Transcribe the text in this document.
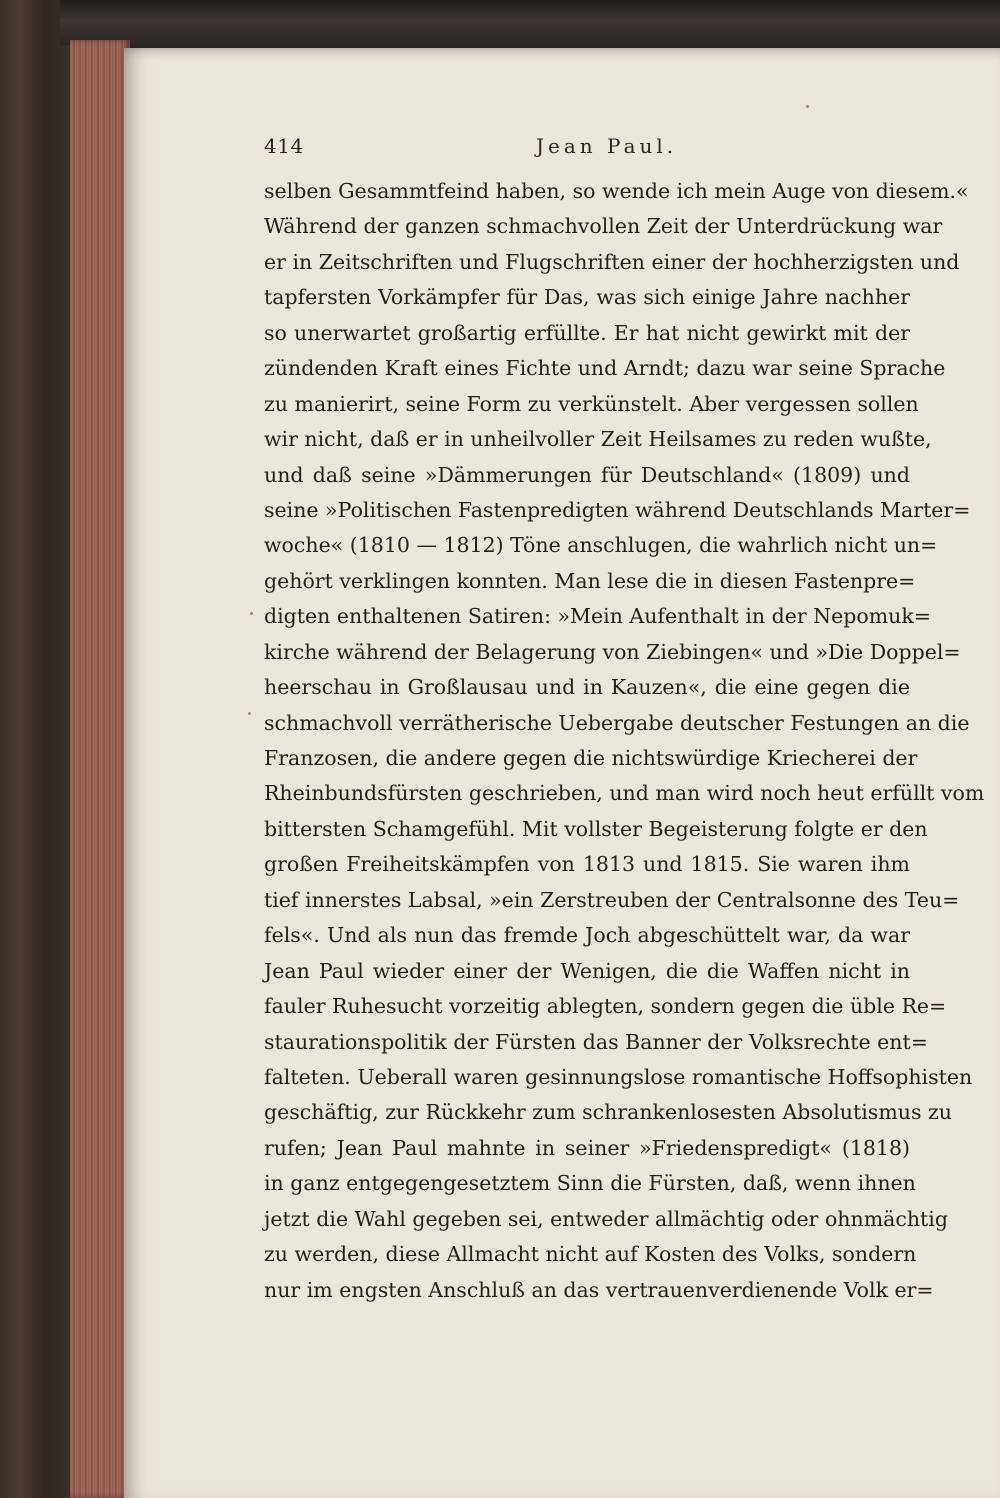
414	Jean Paul.
selben Gesammtfeind haben, so wende ich mein Auge von diesem.«
Während der ganzen schmachvollen Zeit der Unterdrückung war
er in Zeitschriften und Flugschriften einer der hochherzigsten und
tapfersten Vorkämpfer für Das, was sich einige Jahre nachher
so unerwartet großartig erfüllte. Er hat nicht gewirkt mit der
zündenden Kraft eines Fichte und Arndt; dazu war seine Sprache
zu manierirt, seine Form zu verkünstelt. Aber vergessen sollen
wir nicht, daß er in unheilvoller Zeit Heilsames zu reden wußte,
und daß seine »Dämmerungen für Deutschland« (1809) und
seine »Politischen Fastenpredigten während Deutschlands Marter=
woche« (1810 — 1812) Töne anschlugen, die wahrlich nicht un=
gehört verklingen konnten. Man lese die in diesen Fastenpre=
digten enthaltenen Satiren: »Mein Aufenthalt in der Nepomuk=
kirche während der Belagerung von Ziebingen« und »Die Doppel=
heerschau in Großlausau und in Kauzen«, die eine gegen die
schmachvoll verrätherische Uebergabe deutscher Festungen an die
Franzosen, die andere gegen die nichtswürdige Kriecherei der
Rheinbundsfürsten geschrieben, und man wird noch heut erfüllt vom
bittersten Schamgefühl. Mit vollster Begeisterung folgte er den
großen Freiheitskämpfen von 1813 und 1815. Sie waren ihm
tief innerstes Labsal, »ein Zerstreuben der Centralsonne des Teu=
fels«. Und als nun das fremde Joch abgeschüttelt war, da war
Jean Paul wieder einer der Wenigen, die die Waffen nicht in
fauler Ruhesucht vorzeitig ablegten, sondern gegen die üble Re=
staurationspolitik der Fürsten das Banner der Volksrechte ent=
falteten. Ueberall waren gesinnungslose romantische Hoffsophisten
geschäftig, zur Rückkehr zum schrankenlosesten Absolutismus zu
rufen; Jean Paul mahnte in seiner »Friedenspredigt« (1818)
in ganz entgegengesetztem Sinn die Fürsten, daß, wenn ihnen
jetzt die Wahl gegeben sei, entweder allmächtig oder ohnmächtig
zu werden, diese Allmacht nicht auf Kosten des Volks, sondern
nur im engsten Anschluß an das vertrauenverdienende Volk er=
